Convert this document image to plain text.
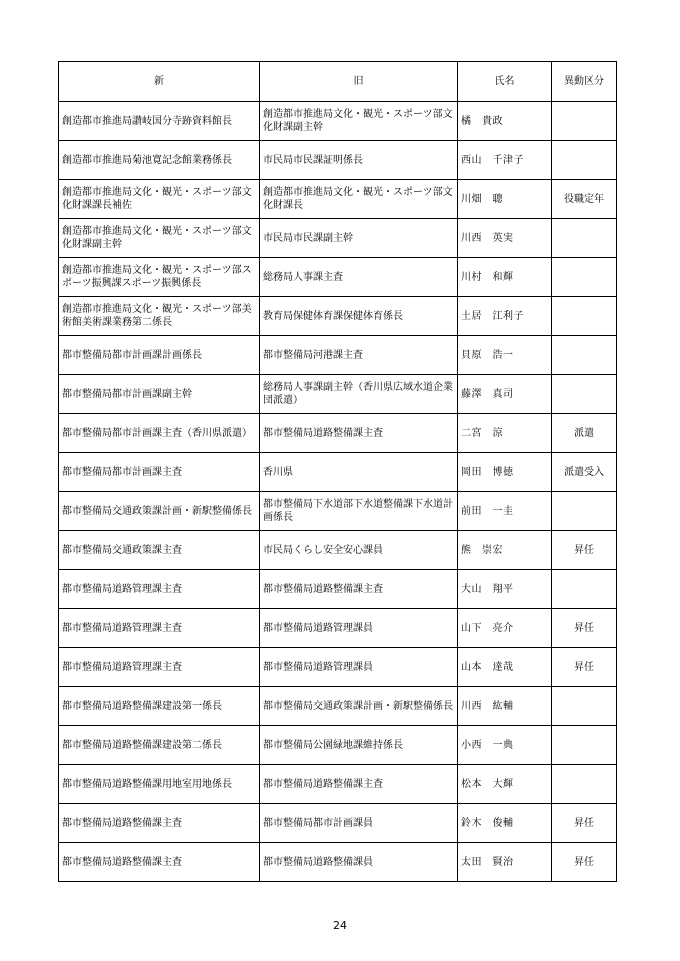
新	旧	氏名	異動区分
創造都市推進局讃岐国分寺跡資料館長	創造都市推進局文化・観光・スポーツ部文化財課副主幹	橘　貴政	
創造都市推進局菊池寛記念館業務係長	市民局市民課証明係長	西山　千津子	
創造都市推進局文化・観光・スポーツ部文化財課課長補佐	創造都市推進局文化・観光・スポーツ部文化財課長	川畑　聰	役職定年
創造都市推進局文化・観光・スポーツ部文化財課副主幹	市民局市民課副主幹	川西　英実	
創造都市推進局文化・観光・スポーツ部スポーツ振興課スポーツ振興係長	総務局人事課主査	川村　和輝	
創造都市推進局文化・観光・スポーツ部美術館美術課業務第二係長	教育局保健体育課保健体育係長	土居　江利子	
都市整備局都市計画課計画係長	都市整備局河港課主査	貝原　浩一	
都市整備局都市計画課副主幹	総務局人事課副主幹（香川県広域水道企業団派遣）	藤澤　真司	
都市整備局都市計画課主査（香川県派遣）	都市整備局道路整備課主査	二宮　涼	派遣
都市整備局都市計画課主査	香川県	岡田　博徳	派遣受入
都市整備局交通政策課計画・新駅整備係長	都市整備局下水道部下水道整備課下水道計画係長	前田　一圭	
都市整備局交通政策課主査	市民局くらし安全安心課員	熊　崇宏	昇任
都市整備局道路管理課主査	都市整備局道路整備課主査	大山　翔平	
都市整備局道路管理課主査	都市整備局道路管理課員	山下　亮介	昇任
都市整備局道路管理課主査	都市整備局道路管理課員	山本　達哉	昇任
都市整備局道路整備課建設第一係長	都市整備局交通政策課計画・新駅整備係長	川西　紘輔	
都市整備局道路整備課建設第二係長	都市整備局公園緑地課維持係長	小西　一典	
都市整備局道路整備課用地室用地係長	都市整備局道路整備課主査	松本　大輝	
都市整備局道路整備課主査	都市整備局都市計画課員	鈴木　俊輔	昇任
都市整備局道路整備課主査	都市整備局道路整備課員	太田　賢治	昇任
24
